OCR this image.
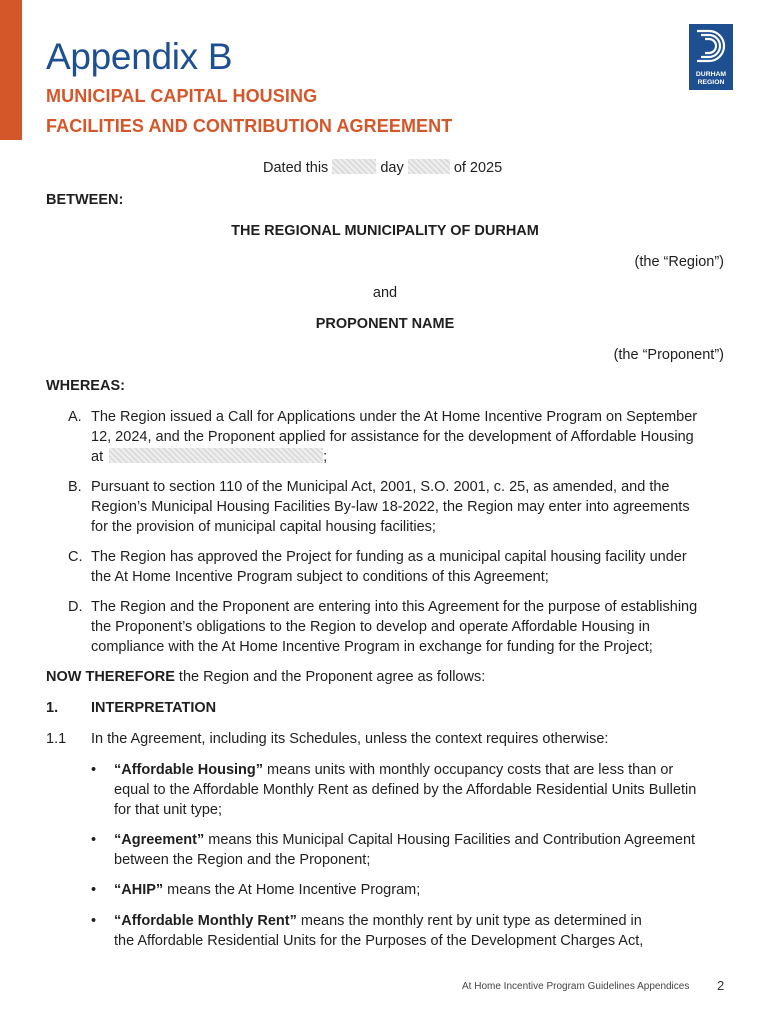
Appendix B
MUNICIPAL CAPITAL HOUSING
FACILITIES AND CONTRIBUTION AGREEMENT
DURHAM
REGION
Dated this	day	of 2025
BETWEEN:
THE REGIONAL MUNICIPALITY OF DURHAM
(the “Region”)
and
PROPONENT NAME
(the “Proponent”)
WHEREAS:
A. The Region issued a Call for Applications under the At Home Incentive Program on September
12, 2024, and the Proponent applied for assistance for the development of Affordable Housing
at	;
B. Pursuant to section 110 of the Municipal Act, 2001, S.O. 2001, c. 25, as amended, and the
Region’s Municipal Housing Facilities By-law 18-2022, the Region may enter into agreements
for the provision of municipal capital housing facilities;
C. The Region has approved the Project for funding as a municipal capital housing facility under
the At Home Incentive Program subject to conditions of this Agreement;
D. The Region and the Proponent are entering into this Agreement for the purpose of establishing
the Proponent’s obligations to the Region to develop and operate Affordable Housing in
compliance with the At Home Incentive Program in exchange for funding for the Project;
NOW THEREFORE the Region and the Proponent agree as follows:
1. INTERPRETATION
1.1 In the Agreement, including its Schedules, unless the context requires otherwise:
• “Affordable Housing” means units with monthly occupancy costs that are less than or
equal to the Affordable Monthly Rent as defined by the Affordable Residential Units Bulletin
for that unit type;
• “Agreement” means this Municipal Capital Housing Facilities and Contribution Agreement
between the Region and the Proponent;
• “AHIP” means the At Home Incentive Program;
• “Affordable Monthly Rent” means the monthly rent by unit type as determined in
the Affordable Residential Units for the Purposes of the Development Charges Act,
At Home Incentive Program Guidelines Appendices 2
